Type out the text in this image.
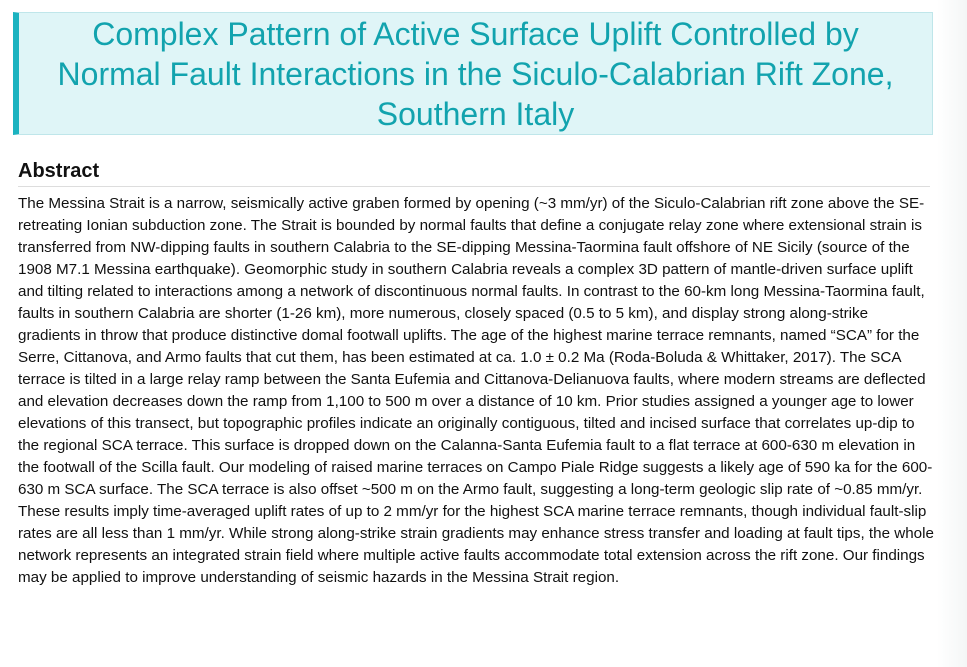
Complex Pattern of Active Surface Uplift Controlled by Normal Fault Interactions in the Siculo-Calabrian Rift Zone, Southern Italy
Abstract

The Messina Strait is a narrow, seismically active graben formed by opening (~3 mm/yr) of the Siculo-Calabrian rift zone above the SE-retreating Ionian subduction zone. The Strait is bounded by normal faults that define a conjugate relay zone where extensional strain is transferred from NW-dipping faults in southern Calabria to the SE-dipping Messina-Taormina fault offshore of NE Sicily (source of the 1908 M7.1 Messina earthquake). Geomorphic study in southern Calabria reveals a complex 3D pattern of mantle-driven surface uplift and tilting related to interactions among a network of discontinuous normal faults. In contrast to the 60-km long Messina-Taormina fault, faults in southern Calabria are shorter (1-26 km), more numerous, closely spaced (0.5 to 5 km), and display strong along-strike gradients in throw that produce distinctive domal footwall uplifts. The age of the highest marine terrace remnants, named “SCA” for the Serre, Cittanova, and Armo faults that cut them, has been estimated at ca. 1.0 ± 0.2 Ma (Roda-Boluda & Whittaker, 2017). The SCA terrace is tilted in a large relay ramp between the Santa Eufemia and Cittanova-Delianuova faults, where modern streams are deflected and elevation decreases down the ramp from 1,100 to 500 m over a distance of 10 km. Prior studies assigned a younger age to lower elevations of this transect, but topographic profiles indicate an originally contiguous, tilted and incised surface that correlates up-dip to the regional SCA terrace. This surface is dropped down on the Calanna-Santa Eufemia fault to a flat terrace at 600-630 m elevation in the footwall of the Scilla fault. Our modeling of raised marine terraces on Campo Piale Ridge suggests a likely age of 590 ka for the 600-630 m SCA surface. The SCA terrace is also offset ~500 m on the Armo fault, suggesting a long-term geologic slip rate of ~0.85 mm/yr. These results imply time-averaged uplift rates of up to 2 mm/yr for the highest SCA marine terrace remnants, though individual fault-slip rates are all less than 1 mm/yr. While strong along-strike strain gradients may enhance stress transfer and loading at fault tips, the whole network represents an integrated strain field where multiple active faults accommodate total extension across the rift zone. Our findings may be applied to improve understanding of seismic hazards in the Messina Strait region.
